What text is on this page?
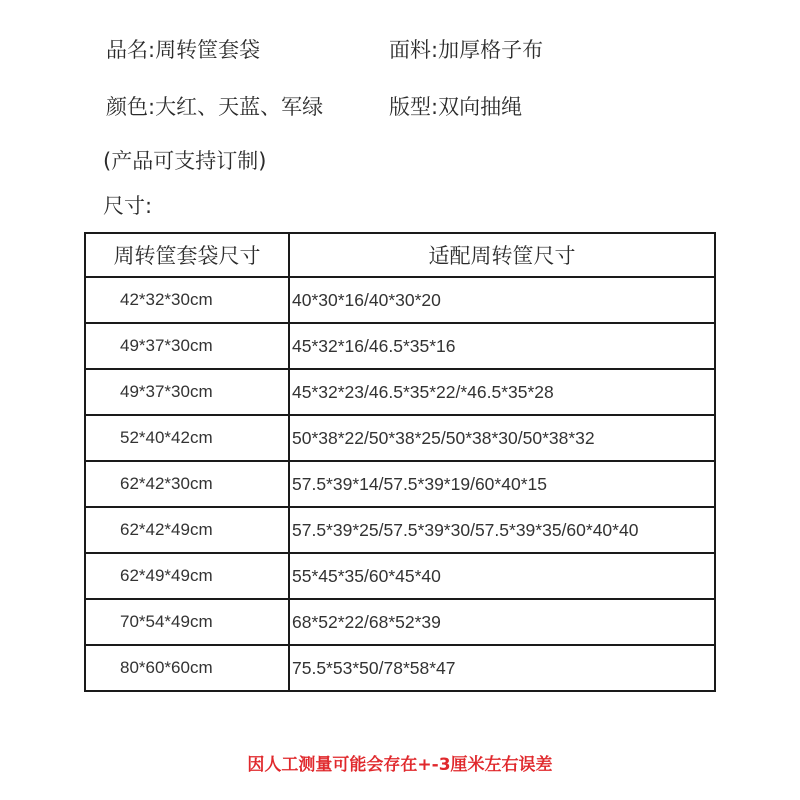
品名:周转筐套袋	面料:加厚格子布
颜色:大红、天蓝、军绿	版型:双向抽绳
(产品可支持订制)
尺寸:
周转筐套袋尺寸	适配周转筐尺寸
42*32*30cm	40*30*16/40*30*20
49*37*30cm	45*32*16/46.5*35*16
49*37*30cm	45*32*23/46.5*35*22/*46.5*35*28
52*40*42cm	50*38*22/50*38*25/50*38*30/50*38*32
62*42*30cm	57.5*39*14/57.5*39*19/60*40*15
62*42*49cm	57.5*39*25/57.5*39*30/57.5*39*35/60*40*40
62*49*49cm	55*45*35/60*45*40
70*54*49cm	68*52*22/68*52*39
80*60*60cm	75.5*53*50/78*58*47
因人工测量可能会存在+-3厘米左右误差
